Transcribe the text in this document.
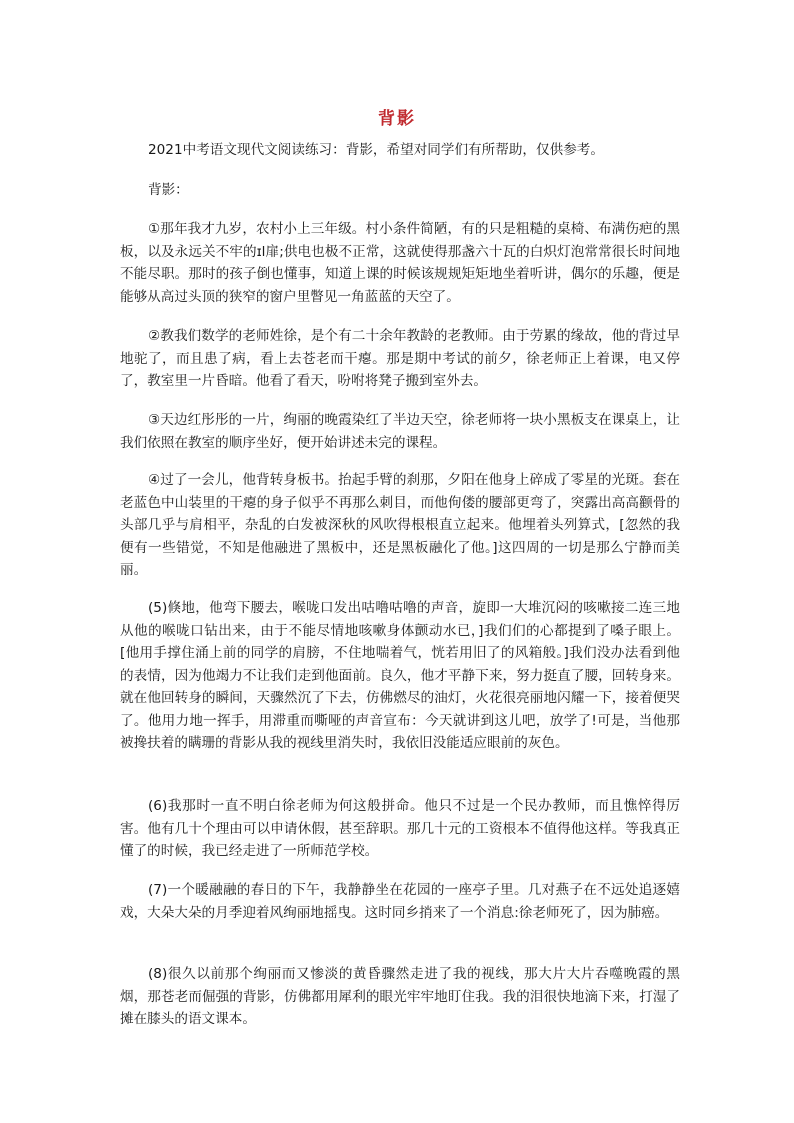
背影

2021中考语文现代文阅读练习：背影，希望对同学们有所帮助，仅供参考。

背影：

①那年我才九岁，农村小上三年级。村小条件简陋，有的只是粗糙的桌椅、布满伤疤的黑板，以及永远关不牢的ɪl扉;供电也极不正常，这就使得那盏六十瓦的白炽灯泡常常很长时间地不能尽职。那时的孩子倒也懂事，知道上课的时候该规规矩矩地坐着听讲，偶尔的乐趣，便是能够从高过头顶的狭窄的窗户里瞥见一角蓝蓝的天空了。

②教我们数学的老师姓徐，是个有二十余年教龄的老教师。由于劳累的缘故，他的背过早地驼了，而且患了病，看上去苍老而干瘪。那是期中考试的前夕，徐老师正上着课，电又停了，教室里一片昏暗。他看了看天，吩咐将凳子搬到室外去。

③天边红彤彤的一片，绚丽的晚霞染红了半边天空，徐老师将一块小黑板支在课桌上，让我们依照在教室的顺序坐好，便开始讲述未完的课程。

④过了一会儿，他背转身板书。抬起手臂的刹那，夕阳在他身上碎成了零星的光斑。套在老蓝色中山装里的干瘪的身子似乎不再那么刺目，而他佝偻的腰部更弯了，突露出高高颧骨的头部几乎与肩相平，杂乱的白发被深秋的风吹得根根直立起来。他埋着头列算式，[忽然的我便有一些错觉，不知是他融进了黑板中，还是黑板融化了他。]这四周的一切是那么宁静而美丽。

(5)倏地，他弯下腰去，喉咙口发出咕噜咕噜的声音，旋即一大堆沉闷的咳嗽接二连三地从他的喉咙口钻出来，由于不能尽情地咳嗽身体颤动水已，]我们们的心都提到了嗓子眼上。[他用手撑住涌上前的同学的肩膀，不住地喘着气，恍若用旧了的风箱般。]我们没办法看到他的表情，因为他竭力不让我们走到他面前。良久，他才平静下来，努力挺直了腰，回转身来。就在他回转身的瞬间，天骤然沉了下去，仿佛燃尽的油灯，火花很亮丽地闪耀一下，接着便哭了。他用力地一挥手，用滞重而嘶哑的声音宣布：今天就讲到这儿吧，放学了!可是，当他那被搀扶着的瞒珊的背影从我的视线里消失时，我依旧没能适应眼前的灰色。

(6)我那时一直不明白徐老师为何这般拼命。他只不过是一个民办教师，而且憔悴得厉害。他有几十个理由可以申请休假，甚至辞职。那几十元的工资根本不值得他这样。等我真正懂了的时候，我已经走进了一所师范学校。

(7)一个暖融融的春日的下午，我静静坐在花园的一座亭子里。几对燕子在不远处追逐嬉戏，大朵大朵的月季迎着风绚丽地摇曳。这时同乡捎来了一个消息:徐老师死了，因为肺癌。

(8)很久以前那个绚丽而又惨淡的黄昏骤然走进了我的视线，那大片大片吞噬晚霞的黑烟，那苍老而倔强的背影，仿佛都用犀利的眼光牢牢地盯住我。我的泪很快地滴下来，打湿了摊在膝头的语文课本。
